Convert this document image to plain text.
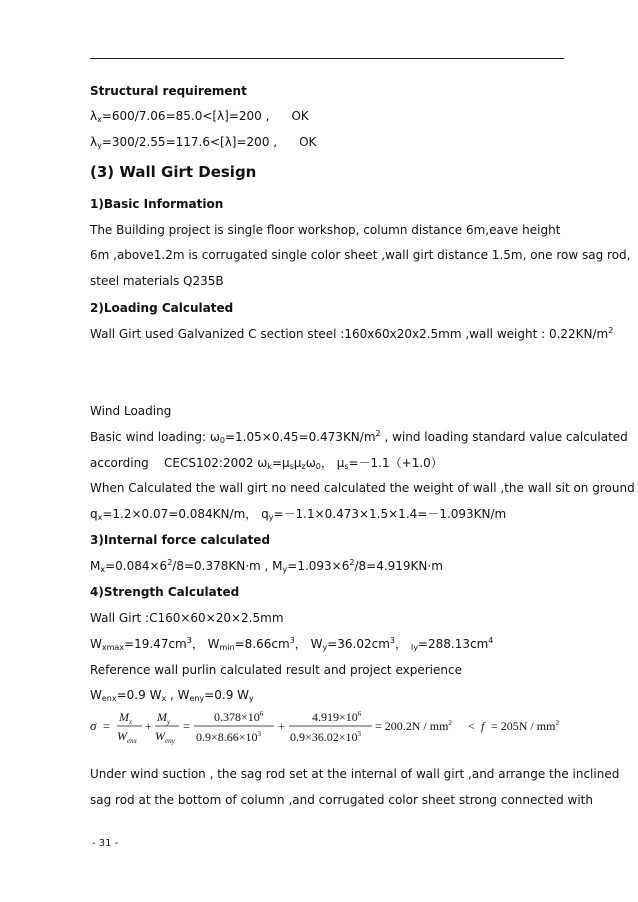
Structural requirement
$\lambda_x=600/7.06=85.0<[\lambda]=200$ , OK
$\lambda_y=300/2.55=117.6<[\lambda]=200$ , OK
(3) Wall Girt Design
1)Basic Information
The Building project is single floor workshop, column distance 6m,eave height
6m ,above1.2m is corrugated single color sheet ,wall girt distance 1.5m, one row sag rod,
steel materials Q235B
2)Loading Calculated
Wall Girt used Galvanized C section steel :160x60x20x2.5mm ,wall weight : $0.22KN/m^2$
Wind Loading
Basic wind loading: $\omega_0=1.05\times 0.45=0.473KN/m^2$ , wind loading standard value calculated
according    CECS102:2002 $\omega_k=\mu_s\mu_z\omega_0$， $\mu_s=-1.1(+1.0)$
When Calculated the wall girt no need calculated the weight of wall ,the wall sit on ground
$q_x=1.2\times 0.07=0.084KN/m$， $q_y=-1.1\times 0.473\times 1.5\times 1.4=-1.093KN/m$
3)Internal force calculated
$M_x=0.084\times 6^2/8=0.378KN\cdot m$ , $M_y=1.093\times 6^2/8=4.919KN\cdot m$
4)Strength Calculated
Wall Girt :C160×60×20×2.5mm
$W_{xmax}=19.47cm^3$， $W_{min}=8.66cm^3$， $W_y=36.02cm^3$， $_{Iy}=288.13cm^4$
Reference wall purlin calculated result and project experience
$W_{enx}=0.9$ $W_x$ , $W_{eny}=0.9$ $W_y$
σ =
$M_x$
$W_{enx}$
+
$M_y$
$W_{eny}$
=
$0.378\times 10^6$
$0.9\times 8.66\times 10^3$
+
$4.919\times 10^6$
$0.9\times 36.02\times 10^3$
= $200.2N / mm^2 < f = 205N / mm^2$
Under wind suction , the sag rod set at the internal of wall girt ,and arrange the inclined
sag rod at the bottom of column ,and corrugated color sheet strong connected with
- 31 -
